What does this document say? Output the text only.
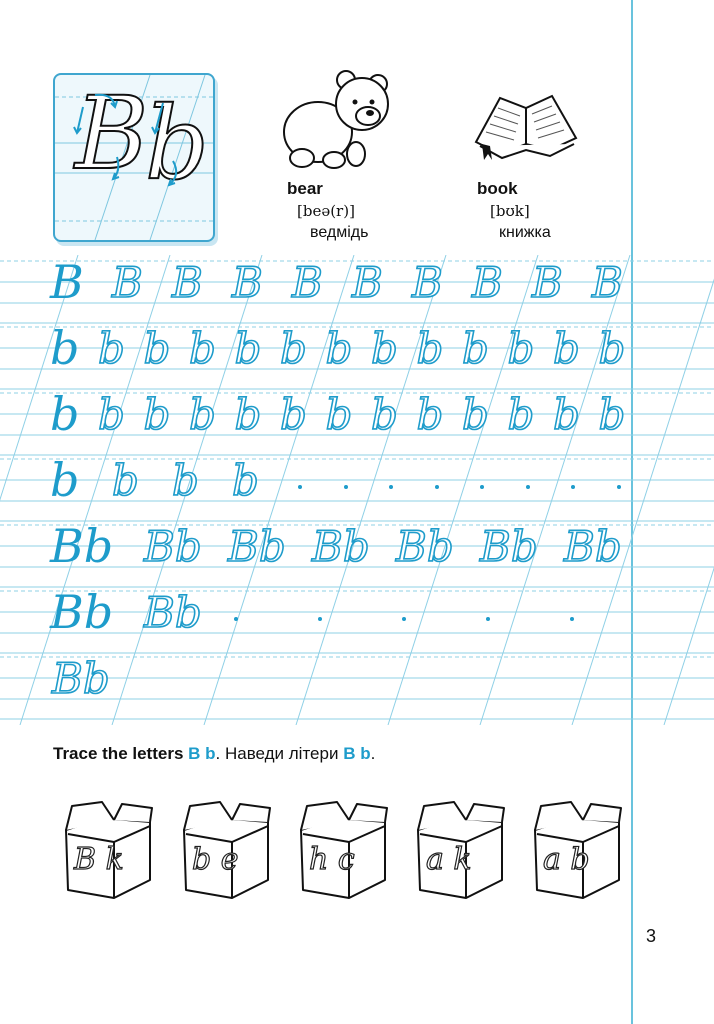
B
b	bear
[beə(r)]
ведмідь
book
[bʊk]
книжка
B B B B B B B B B B
b b b b b b b b b b b b b
b b b b b b b b b b b b b
b b b b
Bb Bb Bb Bb Bb Bb Bb
Bb Bb
Bb
Trace the letters B b. Наведи літери B b.
B k b e h c a k a b
3
